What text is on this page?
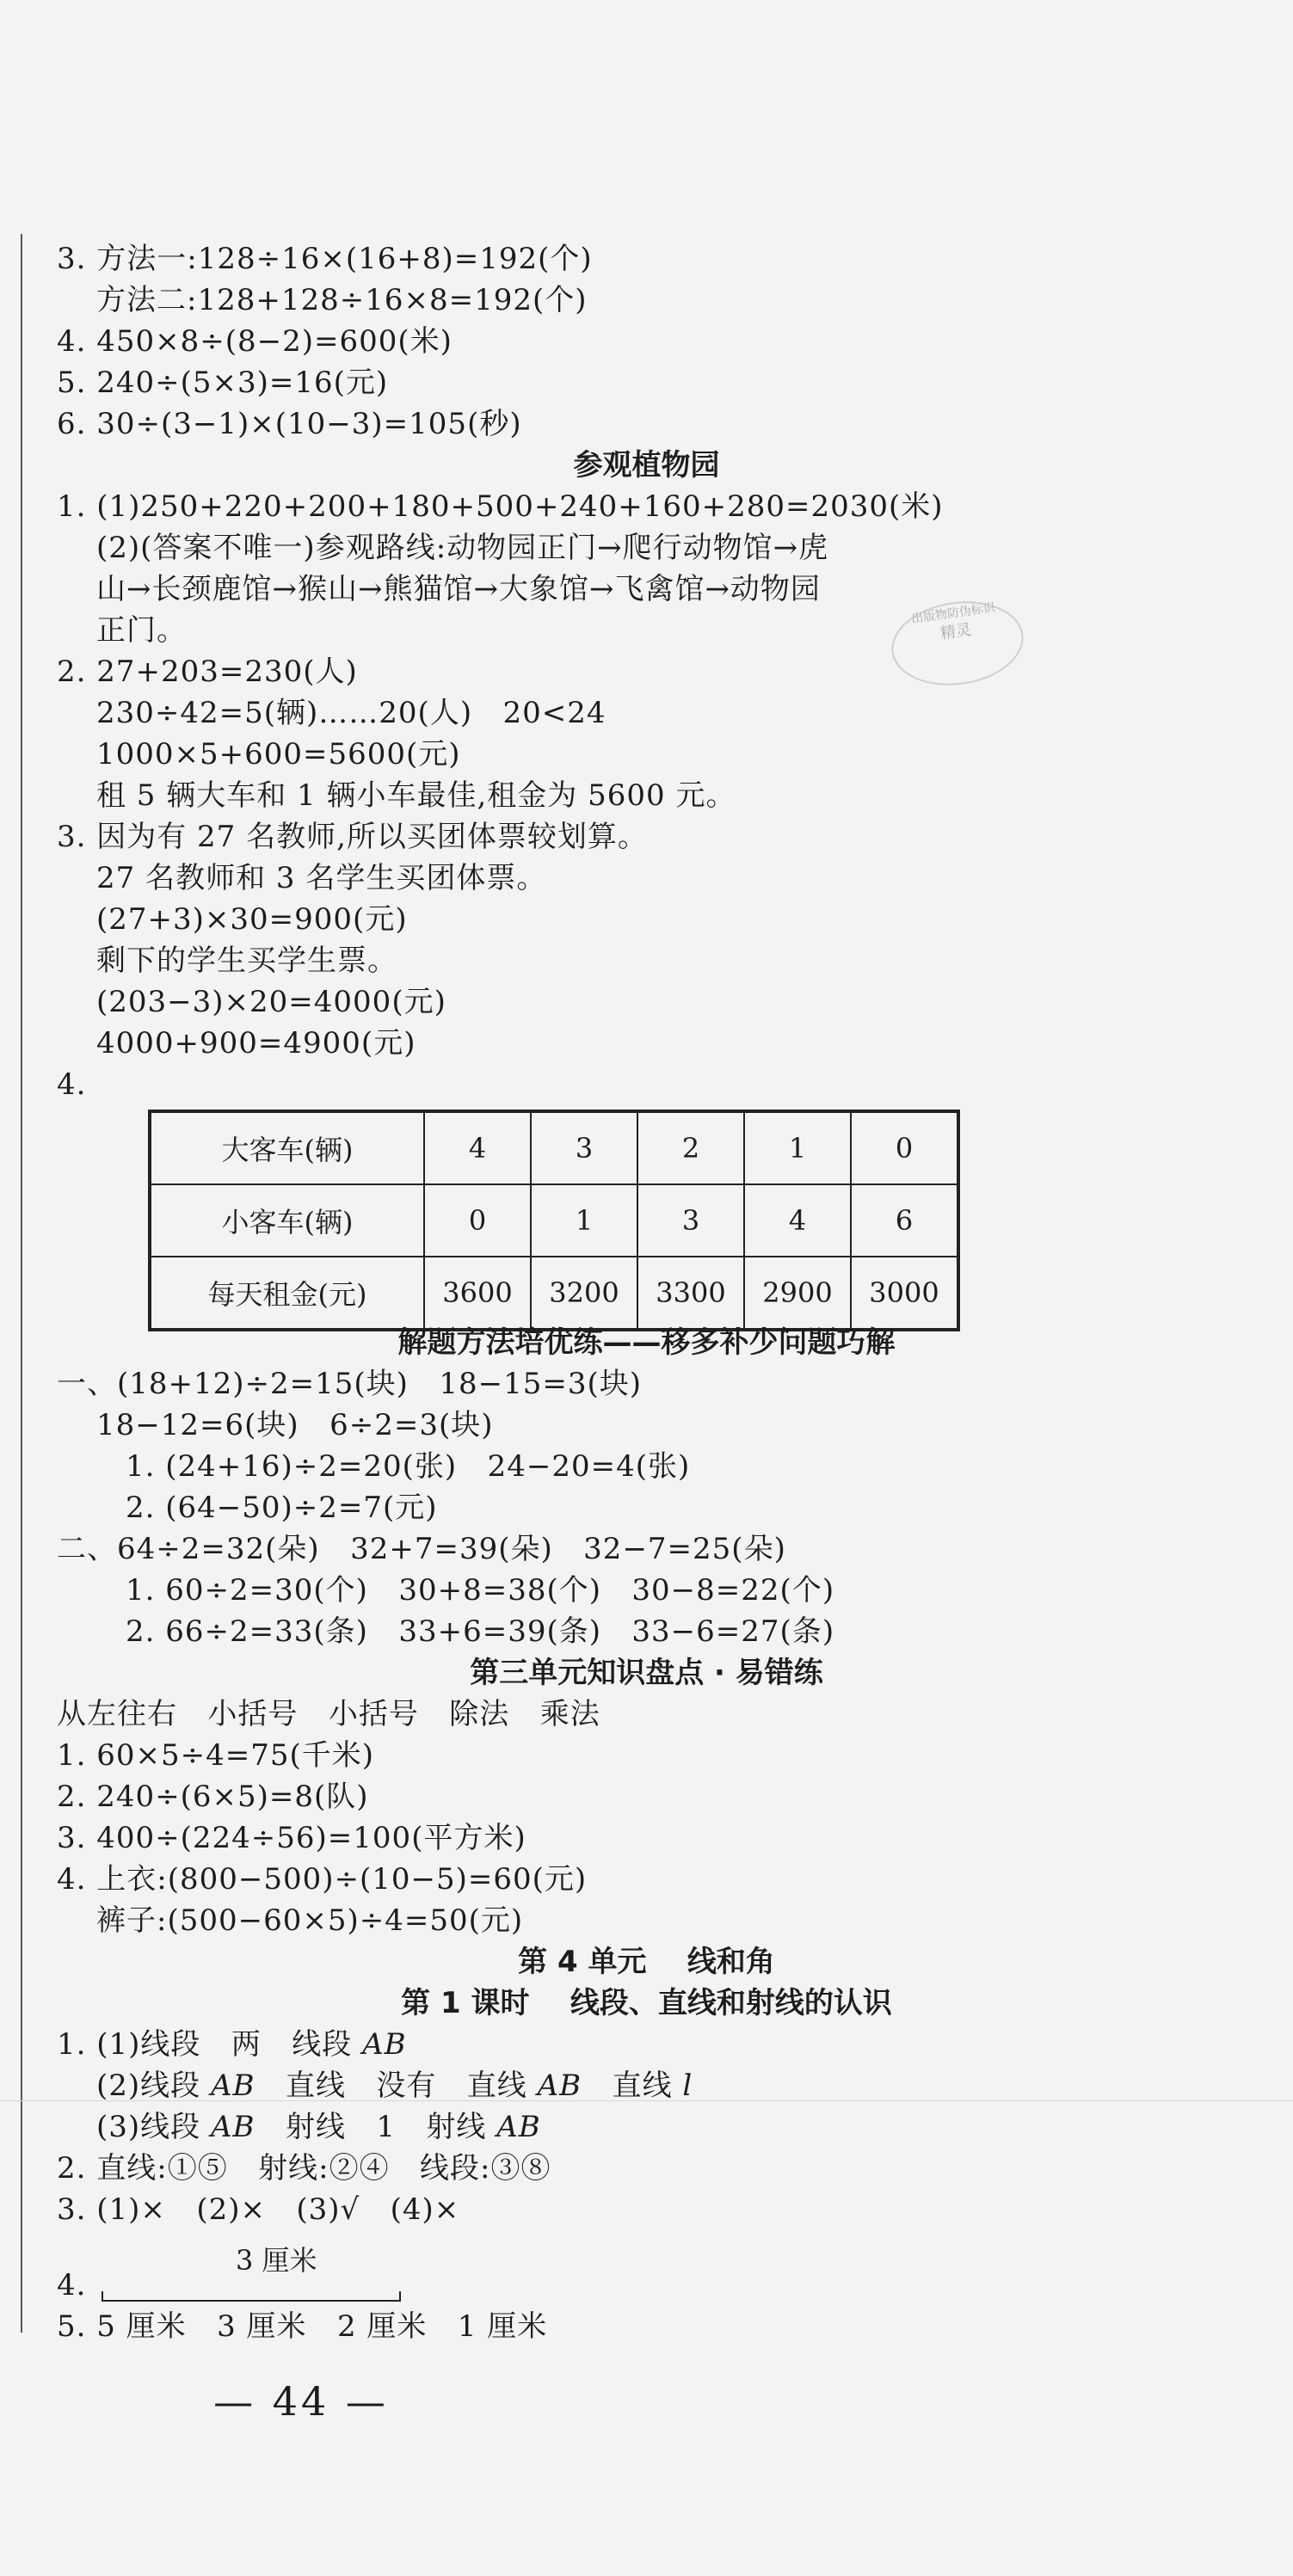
3. 方法一:128÷16×(16+8)=192(个)
方法二:128+128÷16×8=192(个)
4. 450×8÷(8−2)=600(米)
5. 240÷(5×3)=16(元)
6. 30÷(3−1)×(10−3)=105(秒)
参观植物园
1. (1)250+220+200+180+500+240+160+280=2030(米)
(2)(答案不唯一)参观路线:动物园正门→爬行动物馆→虎
山→长颈鹿馆→猴山→熊猫馆→大象馆→飞禽馆→动物园
正门。	出版物防伪标识
精灵
2. 27+203=230(人)
230÷42=5(辆)……20(人)   20<24
1000×5+600=5600(元)
租 5 辆大车和 1 辆小车最佳,租金为 5600 元。
3. 因为有 27 名教师,所以买团体票较划算。
27 名教师和 3 名学生买团体票。
(27+3)×30=900(元)
剩下的学生买学生票。
(203−3)×20=4000(元)
4000+900=4900(元)
4.
大客车(辆)	4	3	2	1	0
小客车(辆)	0	1	3	4	6
每天租金(元)	3600	3200	3300	2900	3000
解题方法培优练——移多补少问题巧解
一、(18+12)÷2=15(块)   18−15=3(块)
18−12=6(块)   6÷2=3(块)
1. (24+16)÷2=20(张)   24−20=4(张)
2. (64−50)÷2=7(元)
二、64÷2=32(朵)   32+7=39(朵)   32−7=25(朵)
1. 60÷2=30(个)   30+8=38(个)   30−8=22(个)
2. 66÷2=33(条)   33+6=39(条)   33−6=27(条)
第三单元知识盘点 · 易错练
从左往右   小括号   小括号   除法   乘法
1. 60×5÷4=75(千米)
2. 240÷(6×5)=8(队)
3. 400÷(224÷56)=100(平方米)
4. 上衣:(800−500)÷(10−5)=60(元)
裤子:(500−60×5)÷4=50(元)
第 4 单元    线和角
第 1 课时    线段、直线和射线的认识
1. (1)线段   两   线段 AB
(2)线段 AB   直线   没有   直线 AB   直线 l
(3)线段 AB   射线   1   射线 AB
2. 直线:①⑤   射线:②④   线段:③⑧
3. (1)×   (2)×   (3)√   (4)×
3 厘米
4.
5. 5 厘米   3 厘米   2 厘米   1 厘米
— 44 —
